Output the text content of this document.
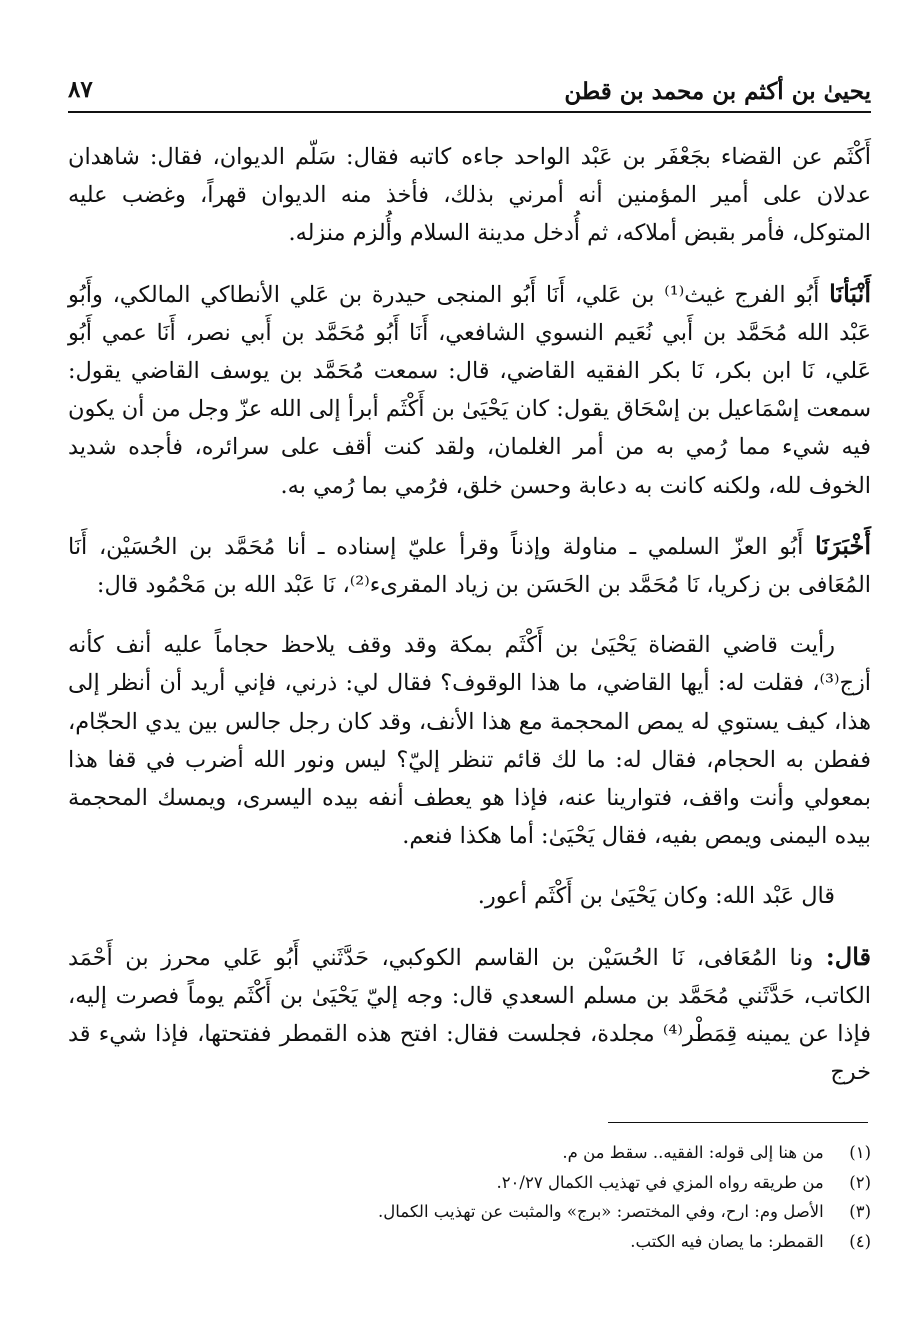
يحيىٰ بن أكثم بن محمد بن قطن
٨٧

أَكْثَم عن القضاء بجَعْفَر بن عَبْد الواحد جاءه كاتبه فقال: سَلّم الديوان، فقال: شاهدان عدلان على أمير المؤمنين أنه أمرني بذلك، فأخذ منه الديوان قهراً، وغضب عليه المتوكل، فأمر بقبض أملاكه، ثم أُدخل مدينة السلام وأُلزم منزله.

أَنْبَأنَا أَبُو الفرج غيث⁽¹⁾ بن عَلي، أَنَا أَبُو المنجى حيدرة بن عَلي الأنطاكي المالكي، وأَبُو عَبْد الله مُحَمَّد بن أَبي نُعَيم النسوي الشافعي، أَنَا أَبُو مُحَمَّد بن أَبي نصر، أَنَا عمي أَبُو عَلي، نَا ابن بكر، نَا بكر الفقيه القاضي، قال: سمعت مُحَمَّد بن يوسف القاضي يقول: سمعت إسْمَاعيل بن إسْحَاق يقول: كان يَحْيَىٰ بن أَكْثَم أبرأ إلى الله عزّ وجل من أن يكون فيه شيء مما رُمي به من أمر الغلمان، ولقد كنت أقف على سرائره، فأجده شديد الخوف لله، ولكنه كانت به دعابة وحسن خلق، فرُمي بما رُمي به.

أَخْبَرَنَا أَبُو العزّ السلمي ـ مناولة وإذناً وقرأ عليّ إسناده ـ أنا مُحَمَّد بن الحُسَيْن، أَنَا المُعَافى بن زكريا، نَا مُحَمَّد بن الحَسَن بن زياد المقرىء⁽²⁾، نَا عَبْد الله بن مَحْمُود قال:

رأيت قاضي القضاة يَحْيَىٰ بن أَكْثَم بمكة وقد وقف يلاحظ حجاماً عليه أنف كأنه أزج⁽³⁾، فقلت له: أيها القاضي، ما هذا الوقوف؟ فقال لي: ذرني، فإني أريد أن أنظر إلى هذا، كيف يستوي له يمص المحجمة مع هذا الأنف، وقد كان رجل جالس بين يدي الحجّام، ففطن به الحجام، فقال له: ما لك قائم تنظر إليّ؟ ليس ونور الله أضرب في قفا هذا بمعولي وأنت واقف، فتوارينا عنه، فإذا هو يعطف أنفه بيده اليسرى، ويمسك المحجمة بيده اليمنى ويمص بفيه، فقال يَحْيَىٰ: أما هكذا فنعم.

قال عَبْد الله: وكان يَحْيَىٰ بن أَكْثَم أعور.

قال: ونا المُعَافى، نَا الحُسَيْن بن القاسم الكوكبي، حَدَّثَني أَبُو عَلي محرز بن أَحْمَد الكاتب، حَدَّثَني مُحَمَّد بن مسلم السعدي قال: وجه إليّ يَحْيَىٰ بن أَكْثَم يوماً فصرت إليه، فإذا عن يمينه قِمَطْر⁽⁴⁾ مجلدة، فجلست فقال: افتح هذه القمطر ففتحتها، فإذا شيء قد خرج

(١) من هنا إلى قوله: الفقيه.. سقط من م.

(٢) من طريقه رواه المزي في تهذيب الكمال ٢٠/٢٧.

(٣) الأصل وم: ارح، وفي المختصر: «برج» والمثبت عن تهذيب الكمال.

(٤) القمطر: ما يصان فيه الكتب.
